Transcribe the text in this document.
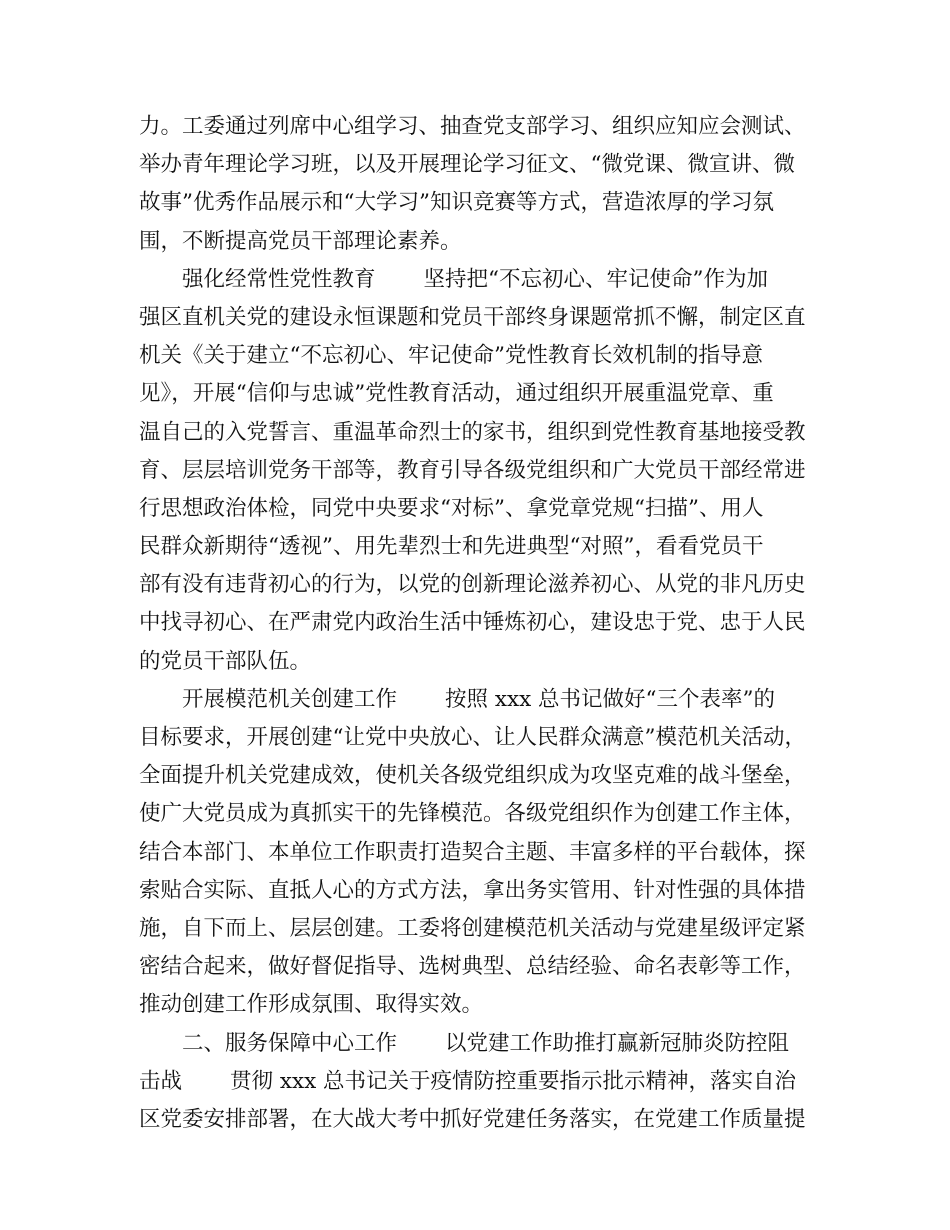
力。工委通过列席中心组学习、抽查党支部学习、组织应知应会测试、
举办青年理论学习班，以及开展理论学习征文、“微党课、微宣讲、微
故事”优秀作品展示和“大学习”知识竞赛等方式，营造浓厚的学习氛
围，不断提高党员干部理论素养。
强化经常性党性教育 坚持把“不忘初心、牢记使命”作为加
强区直机关党的建设永恒课题和党员干部终身课题常抓不懈，制定区直
机关《关于建立“不忘初心、牢记使命”党性教育长效机制的指导意
见》，开展“信仰与忠诚”党性教育活动，通过组织开展重温党章、重
温自己的入党誓言、重温革命烈士的家书，组织到党性教育基地接受教
育、层层培训党务干部等，教育引导各级党组织和广大党员干部经常进
行思想政治体检，同党中央要求“对标”、拿党章党规“扫描”、用人
民群众新期待“透视”、用先辈烈士和先进典型“对照”，看看党员干
部有没有违背初心的行为，以党的创新理论滋养初心、从党的非凡历史
中找寻初心、在严肃党内政治生活中锤炼初心，建设忠于党、忠于人民
的党员干部队伍。
开展模范机关创建工作 按照 xxx 总书记做好“三个表率”的
目标要求，开展创建“让党中央放心、让人民群众满意”模范机关活动，
全面提升机关党建成效，使机关各级党组织成为攻坚克难的战斗堡垒，
使广大党员成为真抓实干的先锋模范。各级党组织作为创建工作主体，
结合本部门、本单位工作职责打造契合主题、丰富多样的平台载体，探
索贴合实际、直抵人心的方式方法，拿出务实管用、针对性强的具体措
施，自下而上、层层创建。工委将创建模范机关活动与党建星级评定紧
密结合起来，做好督促指导、选树典型、总结经验、命名表彰等工作，
推动创建工作形成氛围、取得实效。
二、服务保障中心工作 以党建工作助推打赢新冠肺炎防控阻
击战 贯彻 xxx 总书记关于疫情防控重要指示批示精神，落实自治
区党委安排部署，在大战大考中抓好党建任务落实，在党建工作质量提
